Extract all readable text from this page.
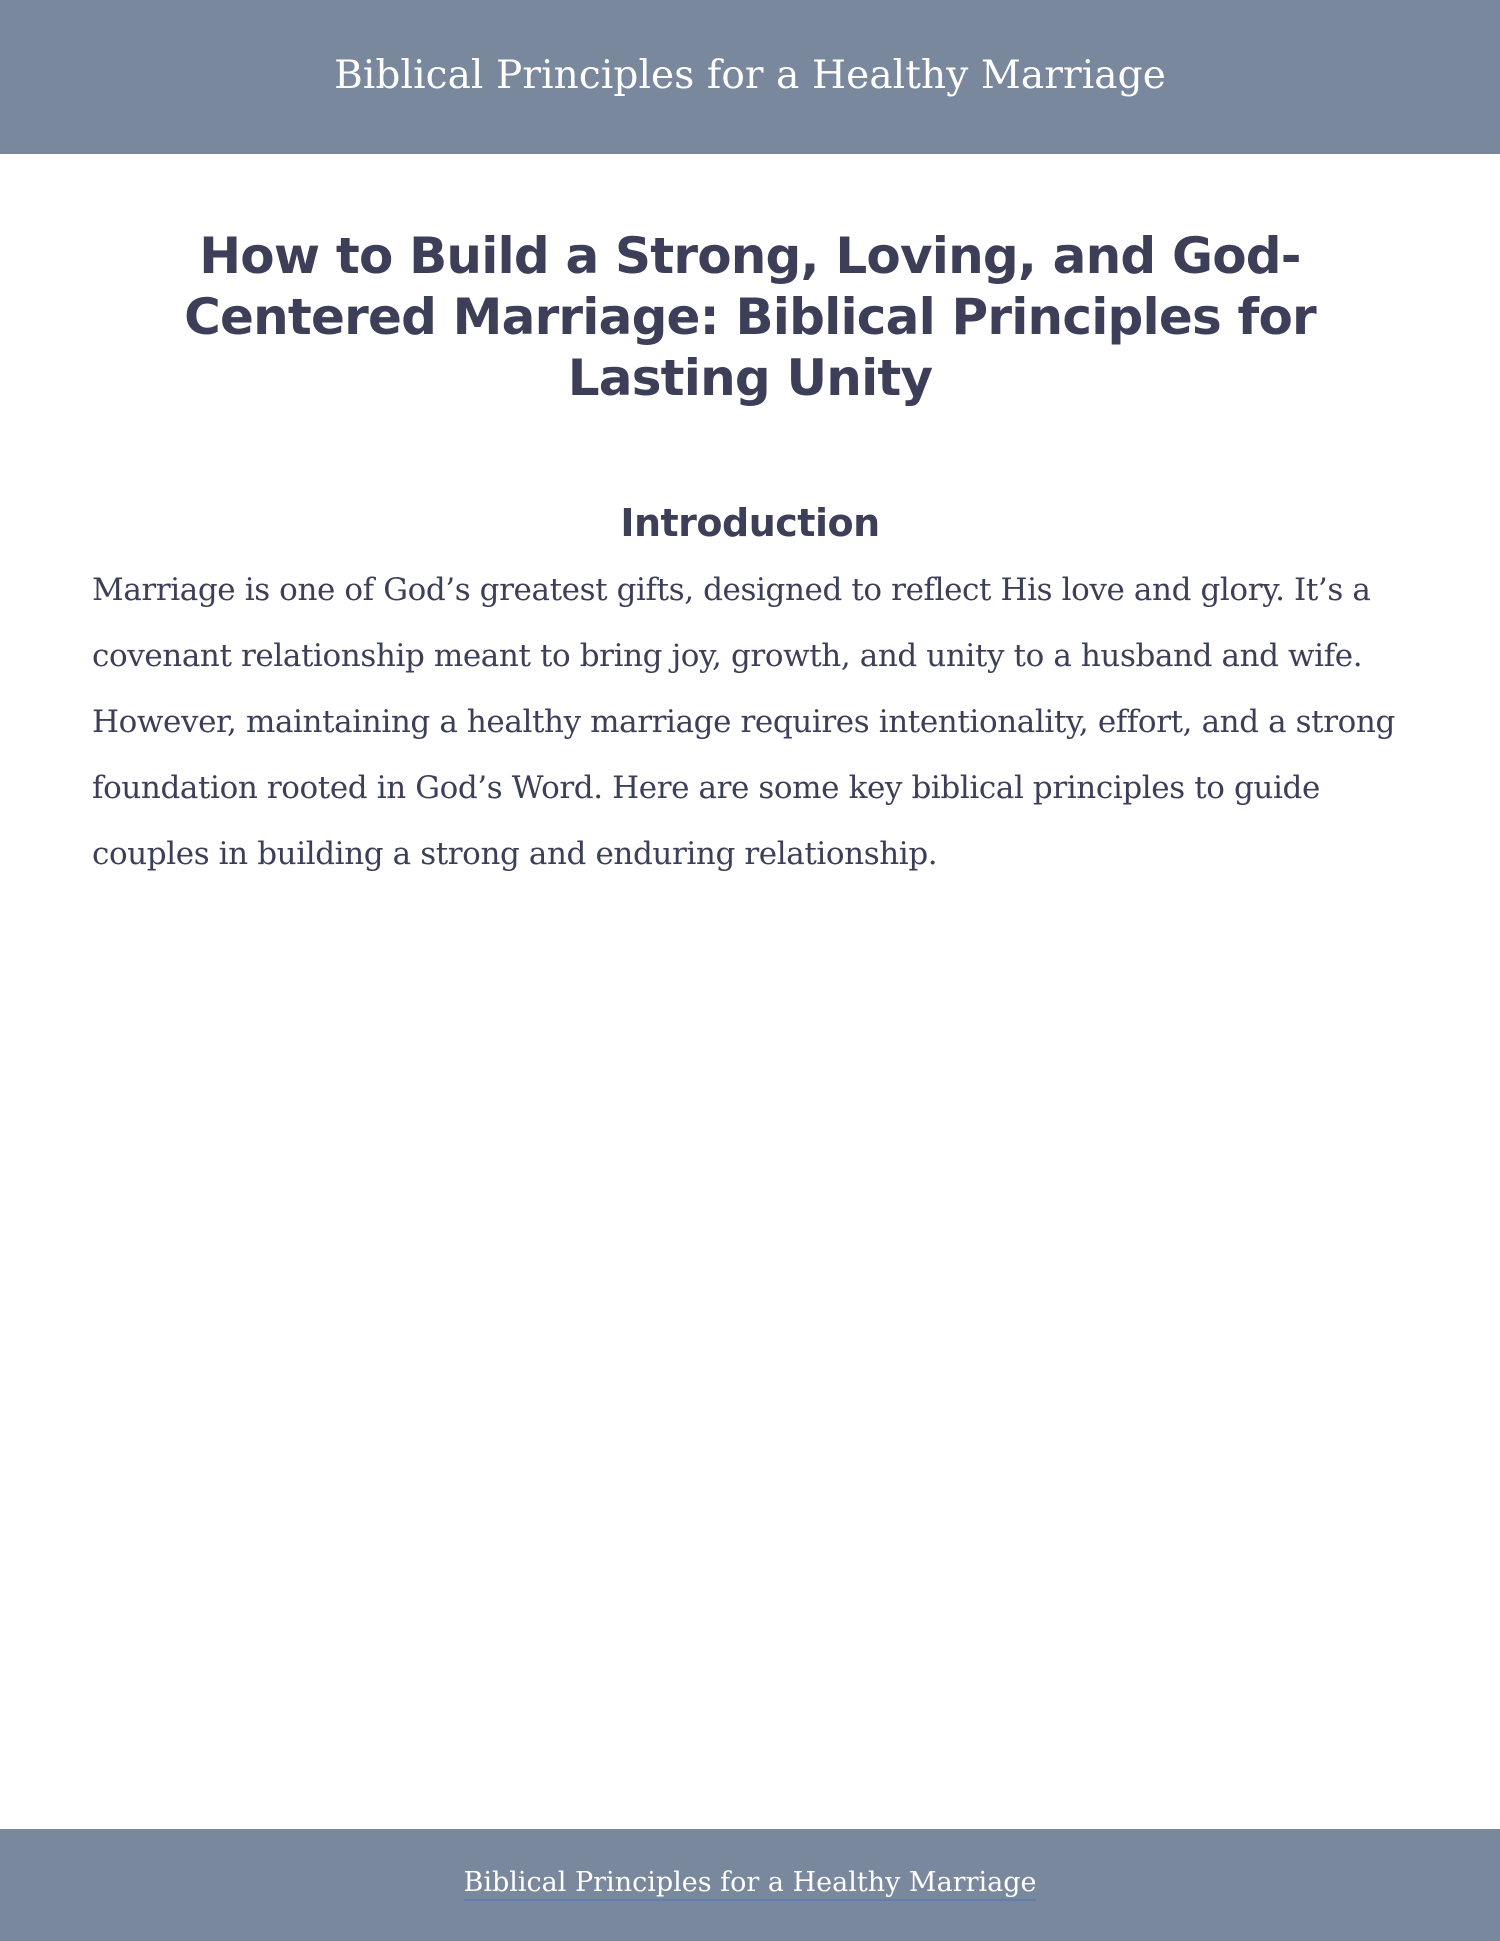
Biblical Principles for a Healthy Marriage
How to Build a Strong, Loving, and God-Centered Marriage: Biblical Principles for Lasting Unity
Introduction

Marriage is one of God’s greatest gifts, designed to reflect His love and glory. It’s a covenant relationship meant to bring joy, growth, and unity to a husband and wife. However, maintaining a healthy marriage requires intentionality, effort, and a strong foundation rooted in God’s Word. Here are some key biblical principles to guide couples in building a strong and enduring relationship.

Biblical Principles for a Healthy Marriage
